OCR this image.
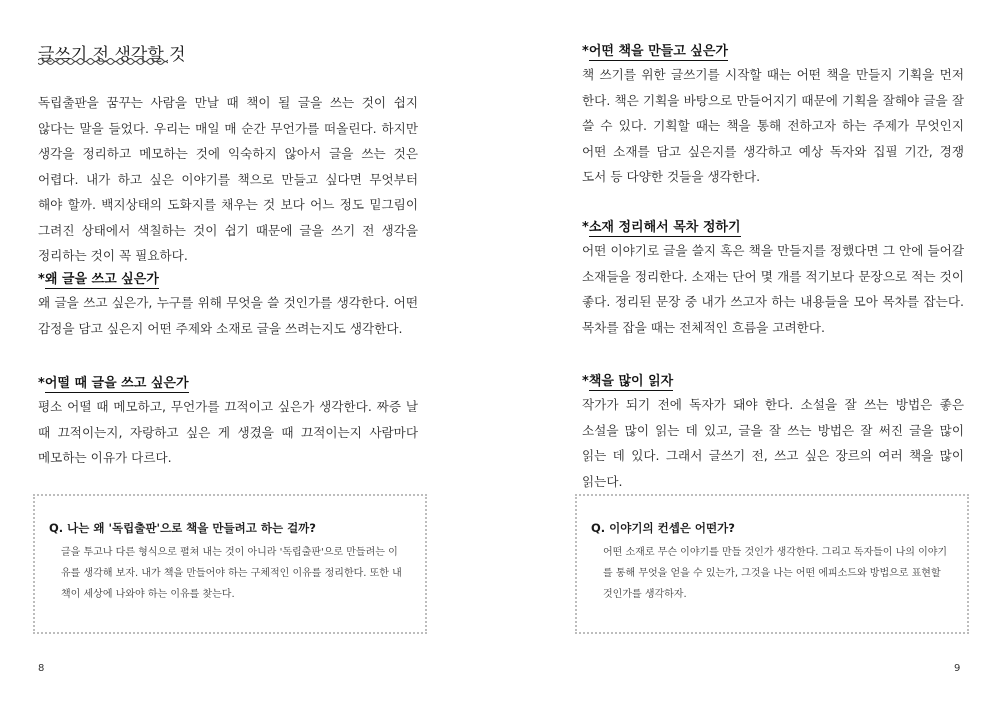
글쓰기 전 생각할 것

독립출판을 꿈꾸는 사람을 만날 때 책이 될 글을 쓰는 것이 쉽지 않다는 말을 들었다. 우리는 매일 매 순간 무언가를 떠올린다. 하지만 생각을 정리하고 메모하는 것에 익숙하지 않아서 글을 쓰는 것은 어렵다. 내가 하고 싶은 이야기를 책으로 만들고 싶다면 무엇부터 해야 할까. 백지상태의 도화지를 채우는 것 보다 어느 정도 밑그림이 그려진 상태에서 색칠하는 것이 쉽기 때문에 글을 쓰기 전 생각을 정리하는 것이 꼭 필요하다.

*왜 글을 쓰고 싶은가

왜 글을 쓰고 싶은가, 누구를 위해 무엇을 쓸 것인가를 생각한다. 어떤 감정을 담고 싶은지 어떤 주제와 소재로 글을 쓰려는지도 생각한다.

*어떨 때 글을 쓰고 싶은가

평소 어떨 때 메모하고, 무언가를 끄적이고 싶은가 생각한다. 짜증 날 때 끄적이는지, 자랑하고 싶은 게 생겼을 때 끄적이는지 사람마다 메모하는 이유가 다르다.

Q. 나는 왜 '독립출판'으로 책을 만들려고 하는 걸까?

글을 투고나 다른 형식으로 펼쳐 내는 것이 아니라 '독립출판'으로 만들려는 이유를 생각해 보자. 내가 책을 만들어야 하는 구체적인 이유를 정리한다. 또한 내 책이 세상에 나와야 하는 이유를 찾는다.

8
*어떤 책을 만들고 싶은가

책 쓰기를 위한 글쓰기를 시작할 때는 어떤 책을 만들지 기획을 먼저 한다. 책은 기획을 바탕으로 만들어지기 때문에 기획을 잘해야 글을 잘 쓸 수 있다. 기획할 때는 책을 통해 전하고자 하는 주제가 무엇인지 어떤 소재를 담고 싶은지를 생각하고 예상 독자와 집필 기간, 경쟁 도서 등 다양한 것들을 생각한다.

*소재 정리해서 목차 정하기

어떤 이야기로 글을 쓸지 혹은 책을 만들지를 정했다면 그 안에 들어갈 소재들을 정리한다. 소재는 단어 몇 개를 적기보다 문장으로 적는 것이 좋다. 정리된 문장 중 내가 쓰고자 하는 내용들을 모아 목차를 잡는다. 목차를 잡을 때는 전체적인 흐름을 고려한다.

*책을 많이 읽자

작가가 되기 전에 독자가 돼야 한다. 소설을 잘 쓰는 방법은 좋은 소설을 많이 읽는 데 있고, 글을 잘 쓰는 방법은 잘 써진 글을 많이 읽는 데 있다. 그래서 글쓰기 전, 쓰고 싶은 장르의 여러 책을 많이 읽는다.

Q. 이야기의 컨셉은 어떤가?

어떤 소재로 무슨 이야기를 만들 것인가 생각한다. 그리고 독자들이 나의 이야기를 통해 무엇을 얻을 수 있는가, 그것을 나는 어떤 에피소드와 방법으로 표현할 것인가를 생각하자.

9
